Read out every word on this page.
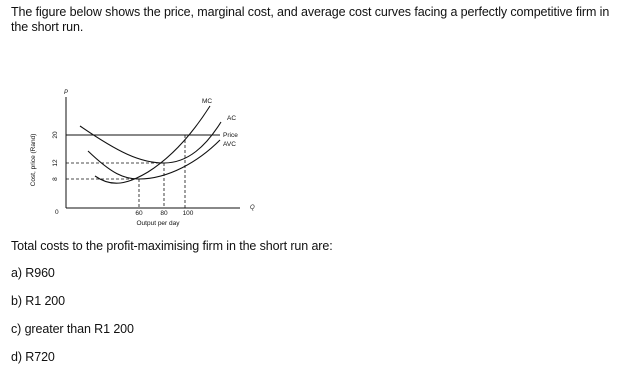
The figure below shows the price, marginal cost, and average cost curves facing a perfectly competitive firm in the short run.
Cost, price (Rand)
P
Q
0
20
12
8
MC
AC
Price
AVC
60	80 100
Output per day
Total costs to the profit-maximising firm in the short run are:
a) R960
b) R1 200
c) greater than R1 200
d) R720
